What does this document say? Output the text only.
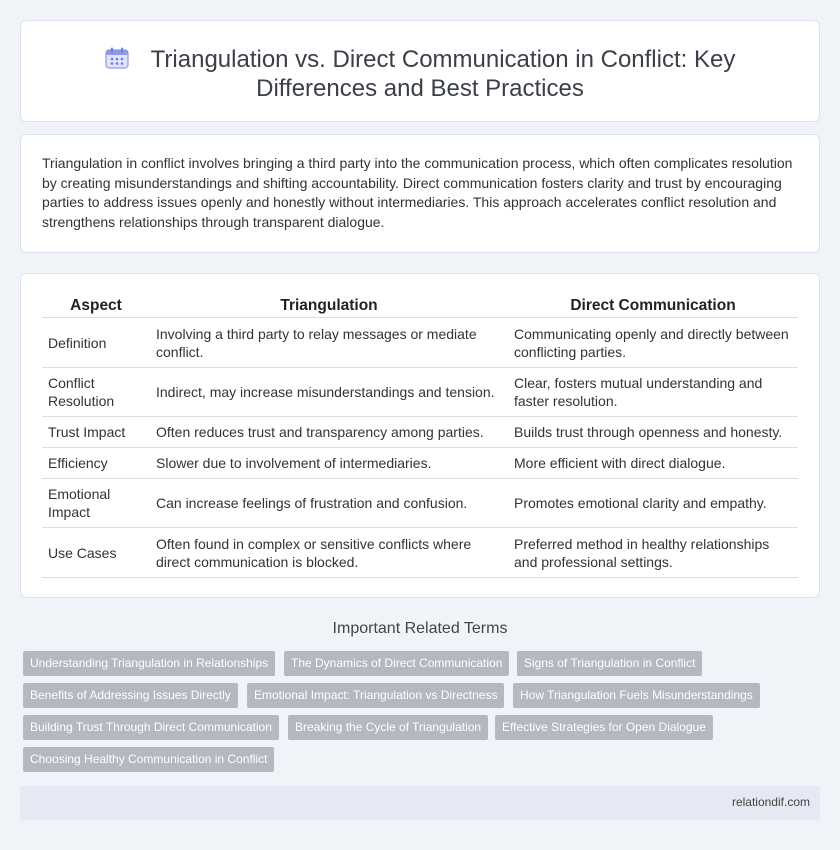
Triangulation vs. Direct Communication in Conflict: Key
Differences and Best Practices

Triangulation in conflict involves bringing a third party into the communication process, which often complicates resolution by creating misunderstandings and shifting accountability. Direct communication fosters clarity and trust by encouraging parties to address issues openly and honestly without intermediaries. This approach accelerates conflict resolution and strengthens relationships through transparent dialogue.

Aspect	Triangulation	Direct Communication
Definition	Involving a third party to relay messages or mediate conflict.	Communicating openly and directly between conflicting parties.
Conflict Resolution	Indirect, may increase misunderstandings and tension.	Clear, fosters mutual understanding and faster resolution.
Trust Impact	Often reduces trust and transparency among parties.	Builds trust through openness and honesty.
Efficiency	Slower due to involvement of intermediaries.	More efficient with direct dialogue.
Emotional Impact	Can increase feelings of frustration and confusion.	Promotes emotional clarity and empathy.
Use Cases	Often found in complex or sensitive conflicts where direct communication is blocked.	Preferred method in healthy relationships and professional settings.
Important Related Terms
Understanding Triangulation in Relationships	The Dynamics of Direct Communication	Signs of Triangulation in Conflict
Benefits of Addressing Issues Directly	Emotional Impact: Triangulation vs Directness	How Triangulation Fuels Misunderstandings
Building Trust Through Direct Communication	Breaking the Cycle of Triangulation	Effective Strategies for Open Dialogue
Choosing Healthy Communication in Conflict
relationdif.com
